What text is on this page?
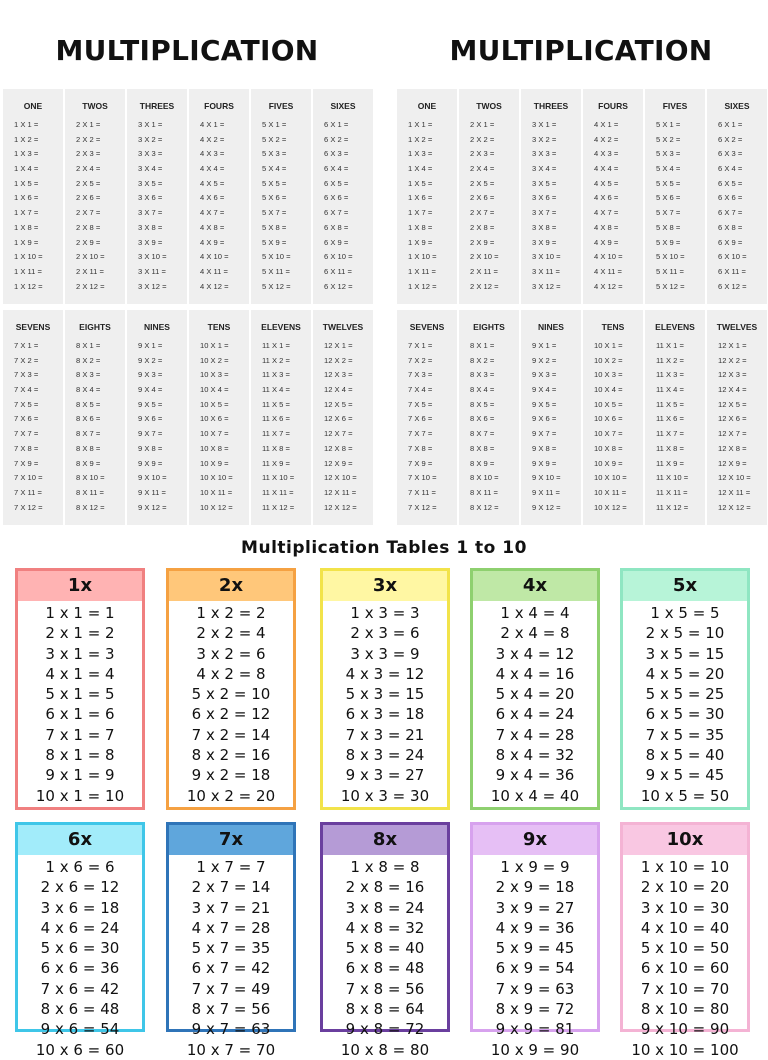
MULTIPLICATION	MULTIPLICATION
ONE
1 X 1 =
1 X 2 =
1 X 3 =
1 X 4 =
1 X 5 =
1 X 6 =
1 X 7 =
1 X 8 =
1 X 9 =
1 X 10 =
1 X 11 =
1 X 12 =
TWOS
2 X 1 =
2 X 2 =
2 X 3 =
2 X 4 =
2 X 5 =
2 X 6 =
2 X 7 =
2 X 8 =
2 X 9 =
2 X 10 =
2 X 11 =
2 X 12 =
THREES
3 X 1 =
3 X 2 =
3 X 3 =
3 X 4 =
3 X 5 =
3 X 6 =
3 X 7 =
3 X 8 =
3 X 9 =
3 X 10 =
3 X 11 =
3 X 12 =
FOURS
4 X 1 =
4 X 2 =
4 X 3 =
4 X 4 =
4 X 5 =
4 X 6 =
4 X 7 =
4 X 8 =
4 X 9 =
4 X 10 =
4 X 11 =
4 X 12 =
FIVES
5 X 1 =
5 X 2 =
5 X 3 =
5 X 4 =
5 X 5 =
5 X 6 =
5 X 7 =
5 X 8 =
5 X 9 =
5 X 10 =
5 X 11 =
5 X 12 =
SIXES
6 X 1 =
6 X 2 =
6 X 3 =
6 X 4 =
6 X 5 =
6 X 6 =
6 X 7 =
6 X 8 =
6 X 9 =
6 X 10 =
6 X 11 =
6 X 12 =
ONE
1 X 1 =
1 X 2 =
1 X 3 =
1 X 4 =
1 X 5 =
1 X 6 =
1 X 7 =
1 X 8 =
1 X 9 =
1 X 10 =
1 X 11 =
1 X 12 =
TWOS
2 X 1 =
2 X 2 =
2 X 3 =
2 X 4 =
2 X 5 =
2 X 6 =
2 X 7 =
2 X 8 =
2 X 9 =
2 X 10 =
2 X 11 =
2 X 12 =
THREES
3 X 1 =
3 X 2 =
3 X 3 =
3 X 4 =
3 X 5 =
3 X 6 =
3 X 7 =
3 X 8 =
3 X 9 =
3 X 10 =
3 X 11 =
3 X 12 =
FOURS
4 X 1 =
4 X 2 =
4 X 3 =
4 X 4 =
4 X 5 =
4 X 6 =
4 X 7 =
4 X 8 =
4 X 9 =
4 X 10 =
4 X 11 =
4 X 12 =
FIVES
5 X 1 =
5 X 2 =
5 X 3 =
5 X 4 =
5 X 5 =
5 X 6 =
5 X 7 =
5 X 8 =
5 X 9 =
5 X 10 =
5 X 11 =
5 X 12 =
SIXES
6 X 1 =
6 X 2 =
6 X 3 =
6 X 4 =
6 X 5 =
6 X 6 =
6 X 7 =
6 X 8 =
6 X 9 =
6 X 10 =
6 X 11 =
6 X 12 =
SEVENS
7 X 1 =
7 X 2 =
7 X 3 =
7 X 4 =
7 X 5 =
7 X 6 =
7 X 7 =
7 X 8 =
7 X 9 =
7 X 10 =
7 X 11 =
7 X 12 =
EIGHTS
8 X 1 =
8 X 2 =
8 X 3 =
8 X 4 =
8 X 5 =
8 X 6 =
8 X 7 =
8 X 8 =
8 X 9 =
8 X 10 =
8 X 11 =
8 X 12 =
NINES
9 X 1 =
9 X 2 =
9 X 3 =
9 X 4 =
9 X 5 =
9 X 6 =
9 X 7 =
9 X 8 =
9 X 9 =
9 X 10 =
9 X 11 =
9 X 12 =
TENS
10 X 1 =
10 X 2 =
10 X 3 =
10 X 4 =
10 X 5 =
10 X 6 =
10 X 7 =
10 X 8 =
10 X 9 =
10 X 10 =
10 X 11 =
10 X 12 =
ELEVENS
11 X 1 =
11 X 2 =
11 X 3 =
11 X 4 =
11 X 5 =
11 X 6 =
11 X 7 =
11 X 8 =
11 X 9 =
11 X 10 =
11 X 11 =
11 X 12 =
TWELVES
12 X 1 =
12 X 2 =
12 X 3 =
12 X 4 =
12 X 5 =
12 X 6 =
12 X 7 =
12 X 8 =
12 X 9 =
12 X 10 =
12 X 11 =
12 X 12 =
SEVENS
7 X 1 =
7 X 2 =
7 X 3 =
7 X 4 =
7 X 5 =
7 X 6 =
7 X 7 =
7 X 8 =
7 X 9 =
7 X 10 =
7 X 11 =
7 X 12 =
EIGHTS
8 X 1 =
8 X 2 =
8 X 3 =
8 X 4 =
8 X 5 =
8 X 6 =
8 X 7 =
8 X 8 =
8 X 9 =
8 X 10 =
8 X 11 =
8 X 12 =
NINES
9 X 1 =
9 X 2 =
9 X 3 =
9 X 4 =
9 X 5 =
9 X 6 =
9 X 7 =
9 X 8 =
9 X 9 =
9 X 10 =
9 X 11 =
9 X 12 =
TENS
10 X 1 =
10 X 2 =
10 X 3 =
10 X 4 =
10 X 5 =
10 X 6 =
10 X 7 =
10 X 8 =
10 X 9 =
10 X 10 =
10 X 11 =
10 X 12 =
ELEVENS
11 X 1 =
11 X 2 =
11 X 3 =
11 X 4 =
11 X 5 =
11 X 6 =
11 X 7 =
11 X 8 =
11 X 9 =
11 X 10 =
11 X 11 =
11 X 12 =
TWELVES
12 X 1 =
12 X 2 =
12 X 3 =
12 X 4 =
12 X 5 =
12 X 6 =
12 X 7 =
12 X 8 =
12 X 9 =
12 X 10 =
12 X 11 =
12 X 12 =
Multiplication Tables 1 to 10
1x
1 x 1 = 1
2 x 1 = 2
3 x 1 = 3
4 x 1 = 4
5 x 1 = 5
6 x 1 = 6
7 x 1 = 7
8 x 1 = 8
9 x 1 = 9
10 x 1 = 10
2x
1 x 2 = 2
2 x 2 = 4
3 x 2 = 6
4 x 2 = 8
5 x 2 = 10
6 x 2 = 12
7 x 2 = 14
8 x 2 = 16
9 x 2 = 18
10 x 2 = 20
3x
1 x 3 = 3
2 x 3 = 6
3 x 3 = 9
4 x 3 = 12
5 x 3 = 15
6 x 3 = 18
7 x 3 = 21
8 x 3 = 24
9 x 3 = 27
10 x 3 = 30
4x
1 x 4 = 4
2 x 4 = 8
3 x 4 = 12
4 x 4 = 16
5 x 4 = 20
6 x 4 = 24
7 x 4 = 28
8 x 4 = 32
9 x 4 = 36
10 x 4 = 40
5x
1 x 5 = 5
2 x 5 = 10
3 x 5 = 15
4 x 5 = 20
5 x 5 = 25
6 x 5 = 30
7 x 5 = 35
8 x 5 = 40
9 x 5 = 45
10 x 5 = 50
6x
1 x 6 = 6
2 x 6 = 12
3 x 6 = 18
4 x 6 = 24
5 x 6 = 30
6 x 6 = 36
7 x 6 = 42
8 x 6 = 48
9 x 6 = 54
10 x 6 = 60
7x
1 x 7 = 7
2 x 7 = 14
3 x 7 = 21
4 x 7 = 28
5 x 7 = 35
6 x 7 = 42
7 x 7 = 49
8 x 7 = 56
9 x 7 = 63
10 x 7 = 70
8x
1 x 8 = 8
2 x 8 = 16
3 x 8 = 24
4 x 8 = 32
5 x 8 = 40
6 x 8 = 48
7 x 8 = 56
8 x 8 = 64
9 x 8 = 72
10 x 8 = 80
9x
1 x 9 = 9
2 x 9 = 18
3 x 9 = 27
4 x 9 = 36
5 x 9 = 45
6 x 9 = 54
7 x 9 = 63
8 x 9 = 72
9 x 9 = 81
10 x 9 = 90
10x
1 x 10 = 10
2 x 10 = 20
3 x 10 = 30
4 x 10 = 40
5 x 10 = 50
6 x 10 = 60
7 x 10 = 70
8 x 10 = 80
9 x 10 = 90
10 x 10 = 100
